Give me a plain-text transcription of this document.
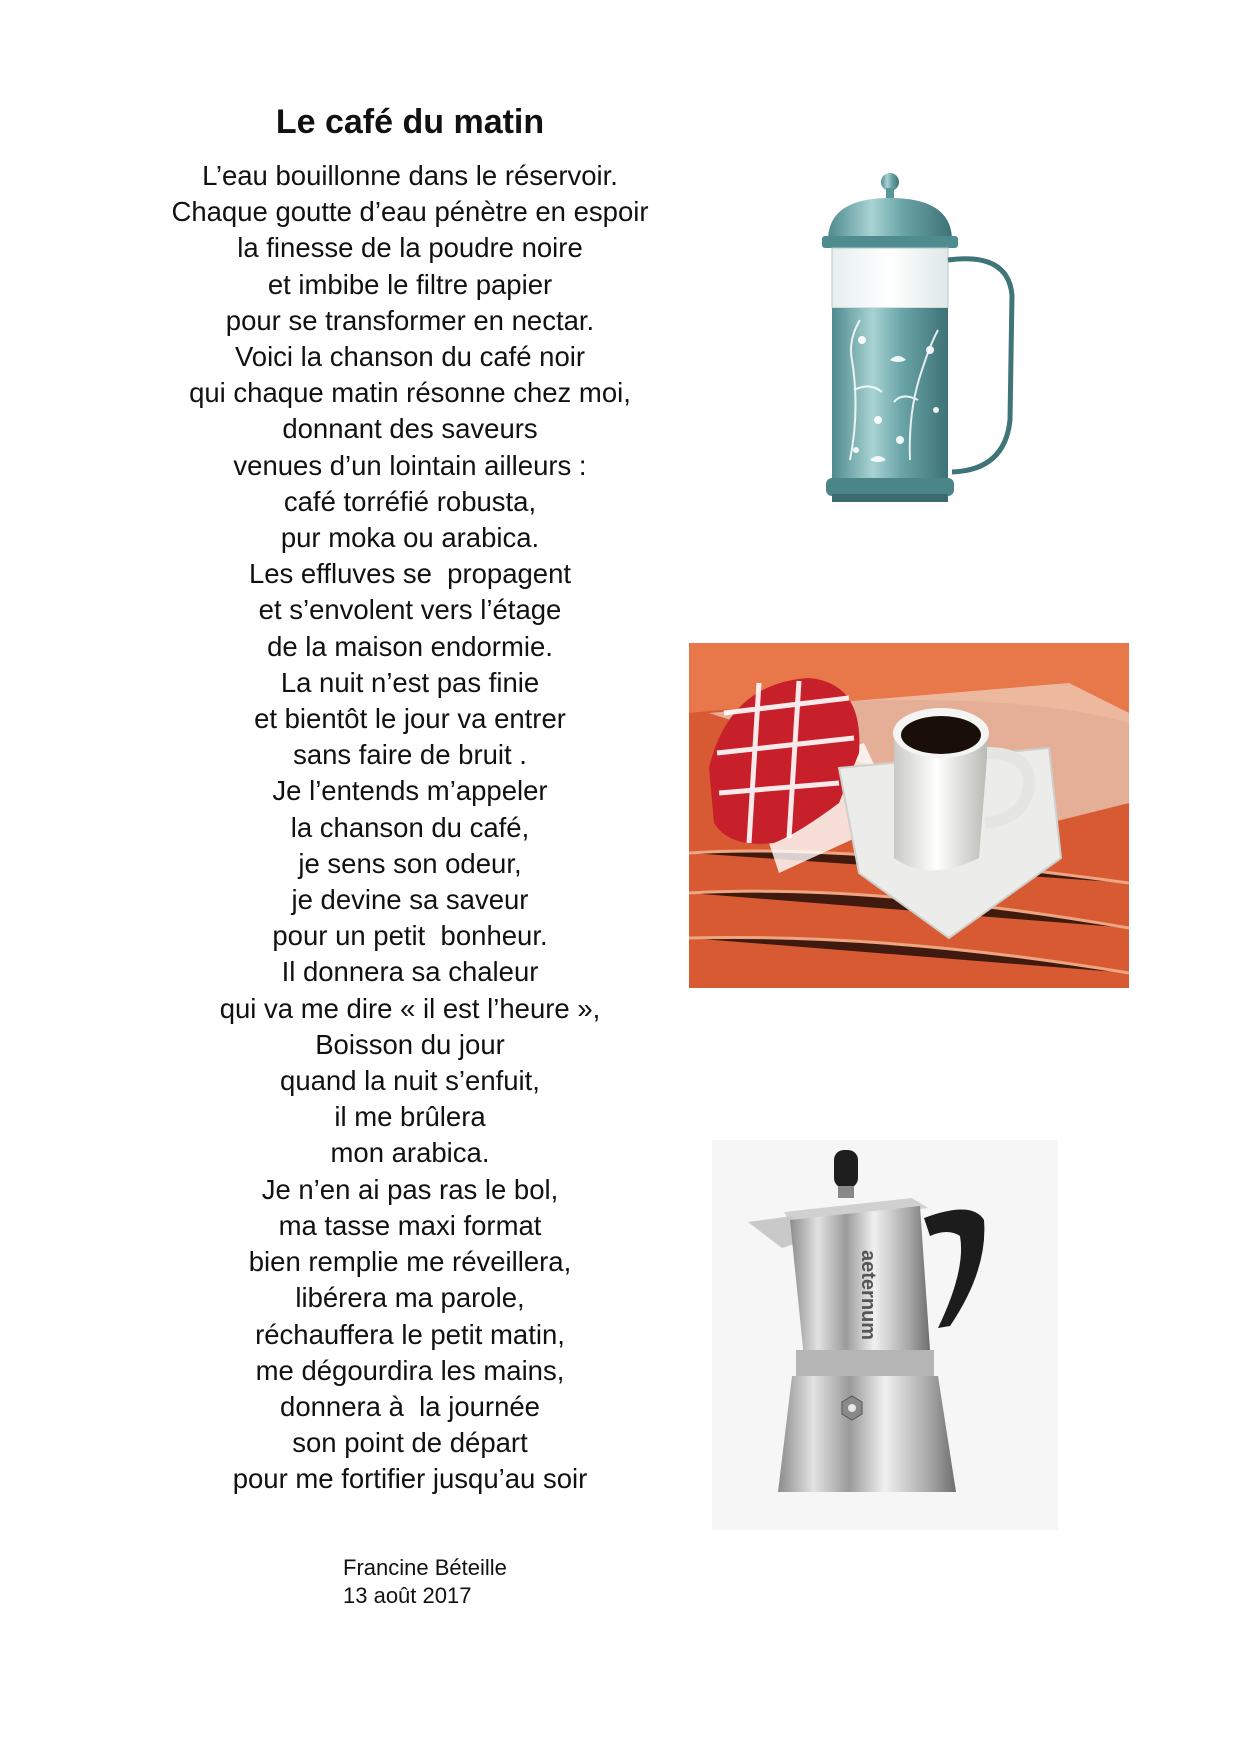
Le café du matin
L’eau bouillonne dans le réservoir.
Chaque goutte d’eau pénètre en espoir
la finesse de la poudre noire
et imbibe le filtre papier
pour se transformer en nectar.
Voici la chanson du café noir
qui chaque matin résonne chez moi,
donnant des saveurs
venues d’un lointain ailleurs :
café torréfié robusta,
pur moka ou arabica.
Les effluves se  propagent
et s’envolent vers l’étage
de la maison endormie.
La nuit n’est pas finie
et bientôt le jour va entrer
sans faire de bruit .
Je l’entends m’appeler
la chanson du café,
je sens son odeur,
je devine sa saveur
pour un petit  bonheur.
Il donnera sa chaleur
qui va me dire « il est l’heure »,
Boisson du jour
quand la nuit s’enfuit,
il me brûlera
mon arabica.
Je n’en ai pas ras le bol,
ma tasse maxi format
bien remplie me réveillera,
libérera ma parole,
réchauffera le petit matin,
me dégourdira les mains,
donnera à  la journée
son point de départ
pour me fortifier jusqu’au soir
Francine Béteille
13 août 2017
aeternum
